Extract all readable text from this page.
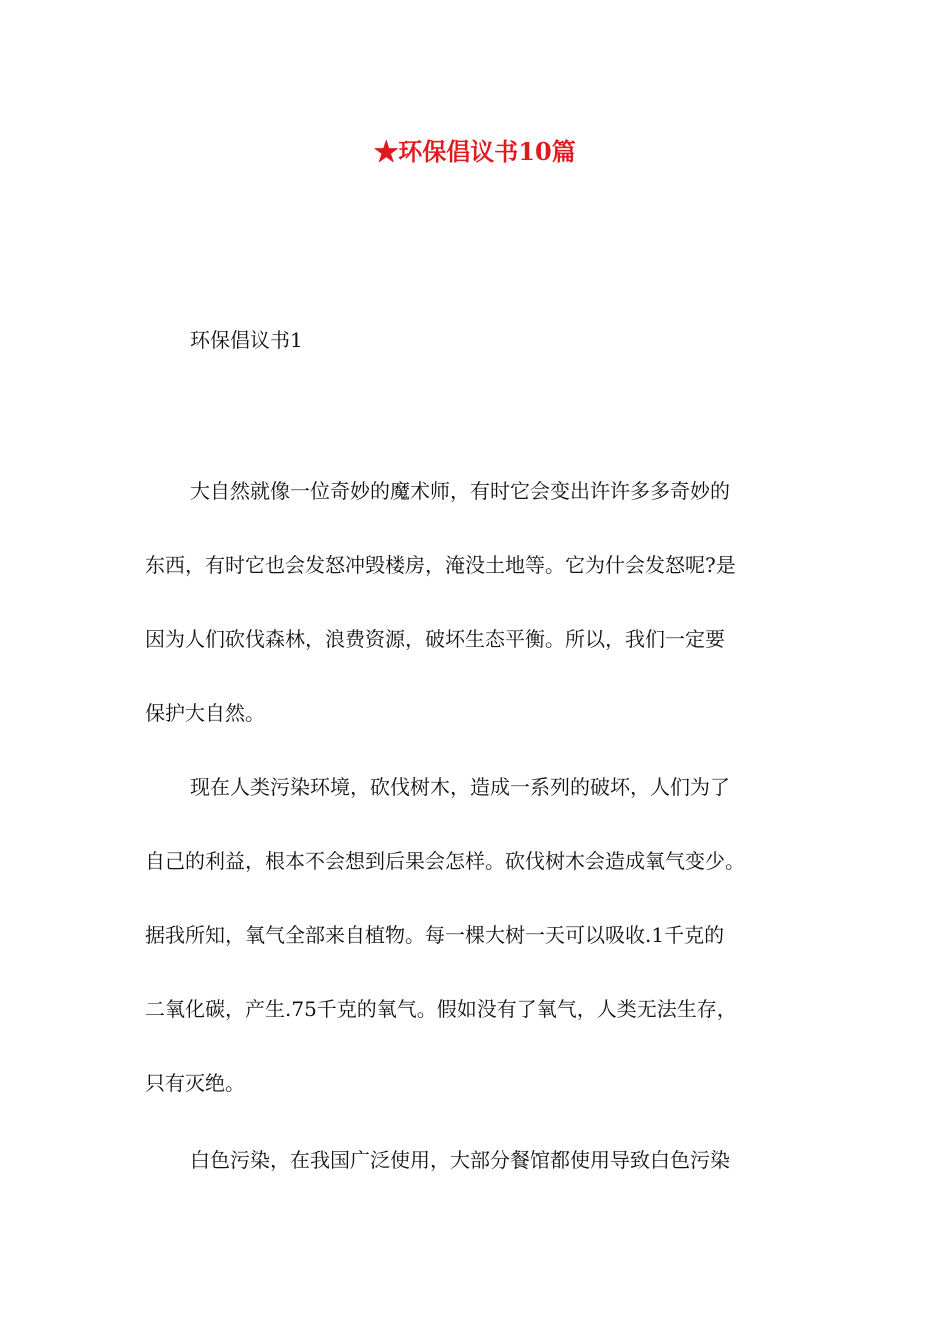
★环保倡议书10篇

环保倡议书1

大自然就像一位奇妙的魔术师，有时它会变出许许多多奇妙的

东西，有时它也会发怒冲毁楼房，淹没土地等。它为什会发怒呢?是

因为人们砍伐森林，浪费资源，破坏生态平衡。所以，我们一定要

保护大自然。

现在人类污染环境，砍伐树木，造成一系列的破坏，人们为了

自己的利益，根本不会想到后果会怎样。砍伐树木会造成氧气变少。

据我所知，氧气全部来自植物。每一棵大树一天可以吸收.1千克的

二氧化碳，产生.75千克的氧气。假如没有了氧气，人类无法生存，

只有灭绝。

白色污染，在我国广泛使用，大部分餐馆都使用导致白色污染
